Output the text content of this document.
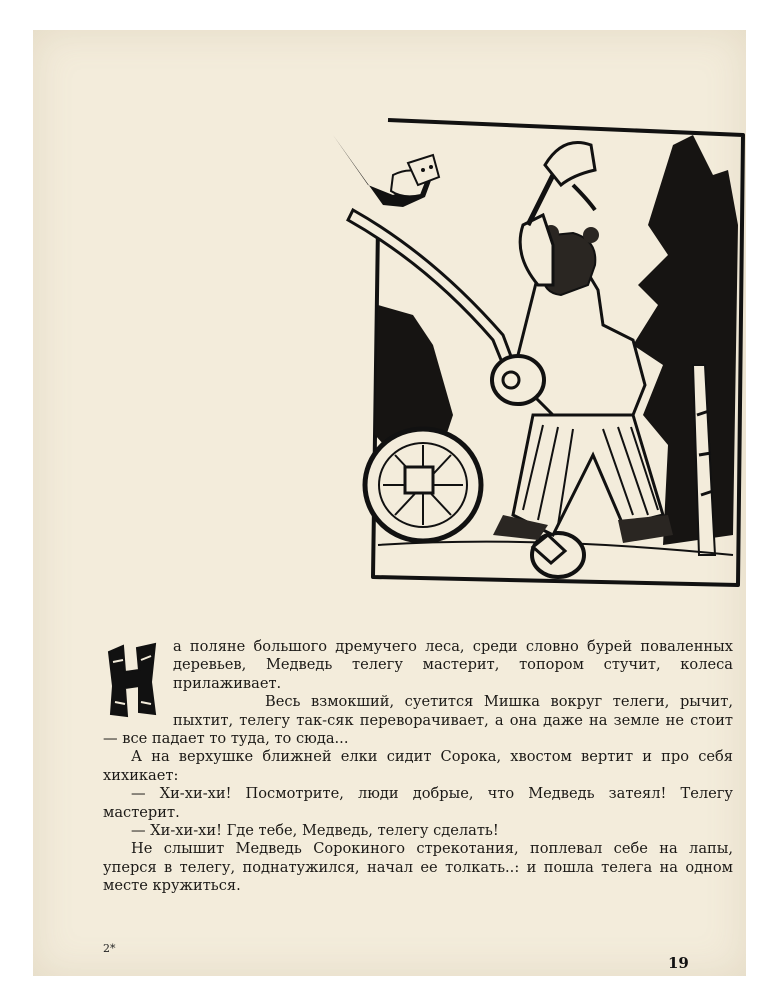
а поляне большого дремучего леса, среди словно бурей поваленных деревьев, Медведь телегу мастерит, топором стучит, колеса прилаживает.

Весь взмокший, суетится Мишка вокруг телеги, рычит, пыхтит, телегу так-сяк переворачивает, а она даже на земле не стоит — все падает то туда, то сюда...

А на верхушке ближней елки сидит Сорока, хвостом вертит и про себя хихикает:

— Хи-хи-хи! Посмотрите, люди добрые, что Медведь затеял! Телегу мастерит.

— Хи-хи-хи! Где тебе, Медведь, телегу сделать!

Не слышит Медведь Сорокиного стрекотания, поплевал себе на лапы, уперся в телегу, поднатужился, начал ее толкать..: и пошла телега на одном месте кружиться.

2*
19
